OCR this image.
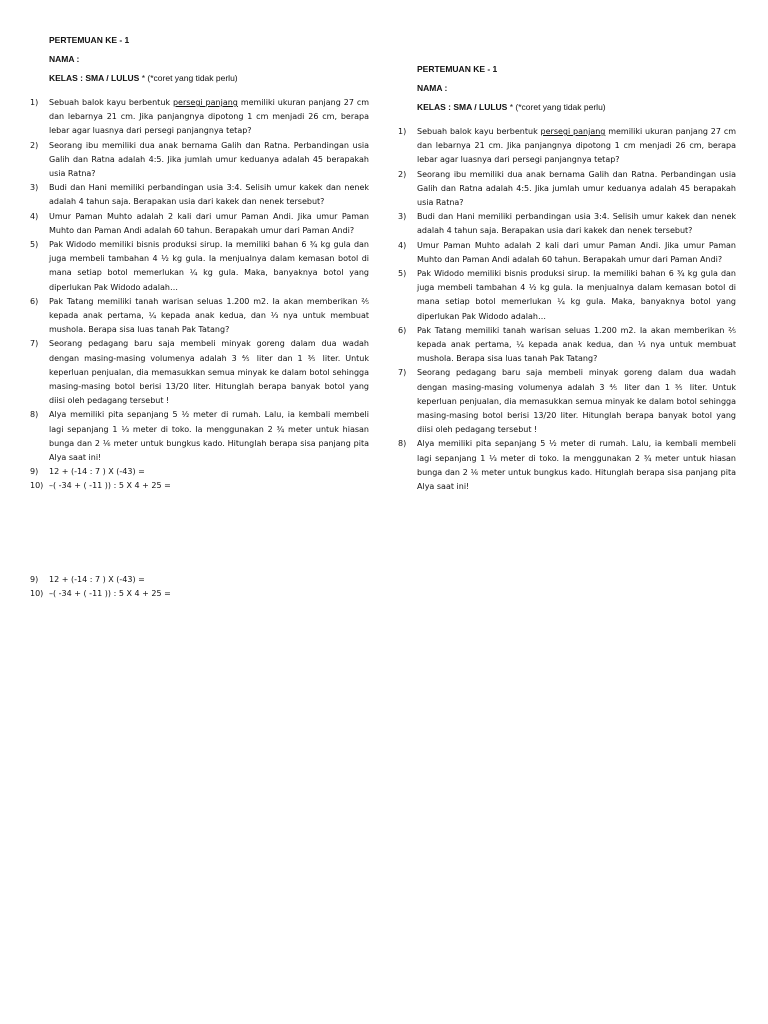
PERTEMUAN KE - 1
NAMA :
KELAS : SMA / LULUS * (*coret yang tidak perlu)
1)	Sebuah balok kayu berbentuk persegi panjang memiliki ukuran panjang 27 cm dan lebarnya 21 cm. Jika panjangnya dipotong 1 cm menjadi 26 cm, berapa lebar agar luasnya dari persegi panjangnya tetap?
2)	Seorang ibu memiliki dua anak bernama Galih dan Ratna. Perbandingan usia Galih dan Ratna adalah 4:5. Jika jumlah umur keduanya adalah 45 berapakah usia Ratna?
3)	Budi dan Hani memiliki perbandingan usia 3:4. Selisih umur kakek dan nenek adalah 4 tahun saja. Berapakan usia dari kakek dan nenek tersebut?
4)	Umur Paman Muhto adalah 2 kali dari umur Paman Andi. Jika umur Paman Muhto dan Paman Andi adalah 60 tahun. Berapakah umur dari Paman Andi?
5)	Pak Widodo memiliki bisnis produksi sirup. Ia memiliki bahan 6 ¾ kg gula dan juga membeli tambahan 4 ½ kg gula. Ia menjualnya dalam kemasan botol di mana setiap botol memerlukan ¼ kg gula. Maka, banyaknya botol yang diperlukan Pak Widodo adalah…
6)	Pak Tatang memiliki tanah warisan seluas 1.200 m2. Ia akan memberikan ⅖ kepada anak pertama, ¼ kepada anak kedua, dan ⅓ nya untuk membuat mushola. Berapa sisa luas tanah Pak Tatang?
7)	Seorang pedagang baru saja membeli minyak goreng dalam dua wadah dengan masing-masing volumenya adalah 3 ⅘ liter dan 1 ⅗ liter. Untuk keperluan penjualan, dia memasukkan semua minyak ke dalam botol sehingga masing-masing botol berisi 13/20 liter. Hitunglah berapa banyak botol yang diisi oleh pedagang tersebut !
8)	Alya memiliki pita sepanjang 5 ½ meter di rumah. Lalu, ia kembali membeli lagi sepanjang 1 ⅓ meter di toko. Ia menggunakan 2 ¾ meter untuk hiasan bunga dan 2 ⅙ meter untuk bungkus kado. Hitunglah berapa sisa panjang pita Alya saat ini!
9)	12 + (-14 : 7 ) X (-43) =
10) –( -34 + ( -11 )) : 5 X 4 + 25 =
9)	12 + (-14 : 7 ) X (-43) =
10) –( -34 + ( -11 )) : 5 X 4 + 25 =
PERTEMUAN KE - 1
NAMA :
KELAS : SMA / LULUS * (*coret yang tidak perlu)
1)	Sebuah balok kayu berbentuk persegi panjang memiliki ukuran panjang 27 cm dan lebarnya 21 cm. Jika panjangnya dipotong 1 cm menjadi 26 cm, berapa lebar agar luasnya dari persegi panjangnya tetap?
2)	Seorang ibu memiliki dua anak bernama Galih dan Ratna. Perbandingan usia Galih dan Ratna adalah 4:5. Jika jumlah umur keduanya adalah 45 berapakah usia Ratna?
3)	Budi dan Hani memiliki perbandingan usia 3:4. Selisih umur kakek dan nenek adalah 4 tahun saja. Berapakan usia dari kakek dan nenek tersebut?
4)	Umur Paman Muhto adalah 2 kali dari umur Paman Andi. Jika umur Paman Muhto dan Paman Andi adalah 60 tahun. Berapakah umur dari Paman Andi?
5)	Pak Widodo memiliki bisnis produksi sirup. Ia memiliki bahan 6 ¾ kg gula dan juga membeli tambahan 4 ½ kg gula. Ia menjualnya dalam kemasan botol di mana setiap botol memerlukan ¼ kg gula. Maka, banyaknya botol yang diperlukan Pak Widodo adalah…
6)	Pak Tatang memiliki tanah warisan seluas 1.200 m2. Ia akan memberikan ⅖ kepada anak pertama, ¼ kepada anak kedua, dan ⅓ nya untuk membuat mushola. Berapa sisa luas tanah Pak Tatang?
7)	Seorang pedagang baru saja membeli minyak goreng dalam dua wadah dengan masing-masing volumenya adalah 3 ⅘ liter dan 1 ⅗ liter. Untuk keperluan penjualan, dia memasukkan semua minyak ke dalam botol sehingga masing-masing botol berisi 13/20 liter. Hitunglah berapa banyak botol yang diisi oleh pedagang tersebut !
8)	Alya memiliki pita sepanjang 5 ½ meter di rumah. Lalu, ia kembali membeli lagi sepanjang 1 ⅓ meter di toko. Ia menggunakan 2 ¾ meter untuk hiasan bunga dan 2 ⅙ meter untuk bungkus kado. Hitunglah berapa sisa panjang pita Alya saat ini!
